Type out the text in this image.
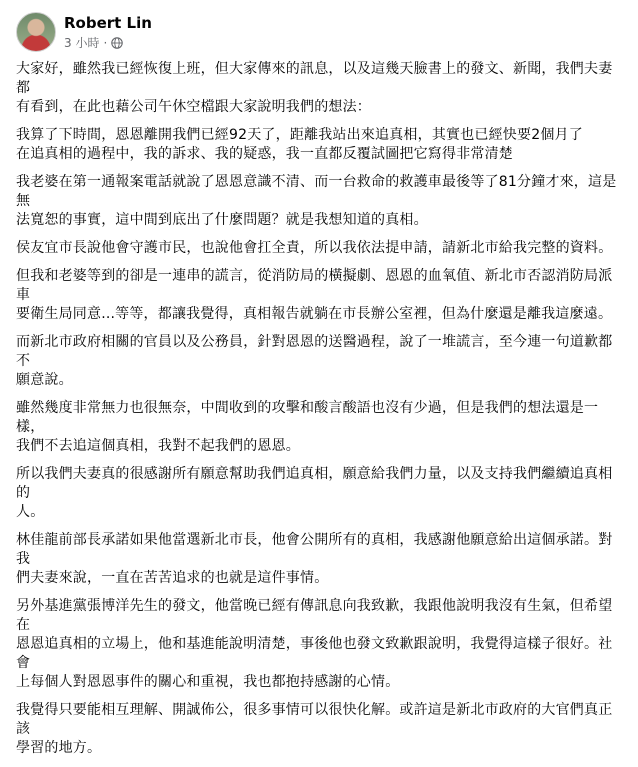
Robert Lin
3 小時 ·

大家好，雖然我已經恢復上班，但大家傳來的訊息，以及這幾天臉書上的發文、新聞，我們夫妻都
有看到，在此也藉公司午休空檔跟大家說明我們的想法：

我算了下時間，恩恩離開我們已經92天了，距離我站出來追真相，其實也已經快要2個月了
在追真相的過程中，我的訴求、我的疑惑，我一直都反覆試圖把它寫得非常清楚

我老婆在第一通報案電話就說了恩恩意識不清、而一台救命的救護車最後等了81分鐘才來，這是無
法寬恕的事實，這中間到底出了什麼問題？就是我想知道的真相。

侯友宜市長說他會守護市民，也說他會扛全責，所以我依法提申請，請新北市給我完整的資料。

但我和老婆等到的卻是一連串的謊言，從消防局的橫擬劇、恩恩的血氧值、新北市否認消防局派車
要衛生局同意...等等，都讓我覺得，真相報告就躺在市長辦公室裡，但為什麼還是離我這麼遠。

而新北市政府相關的官員以及公務員，針對恩恩的送醫過程，說了一堆謊言，至今連一句道歉都不
願意說。

雖然幾度非常無力也很無奈，中間收到的攻擊和酸言酸語也沒有少過，但是我們的想法還是一樣，
我們不去追這個真相，我對不起我們的恩恩。

所以我們夫妻真的很感謝所有願意幫助我們追真相，願意給我們力量，以及支持我們繼續追真相的
人。

林佳龍前部長承諾如果他當選新北市長，他會公開所有的真相，我感謝他願意給出這個承諾。對我
們夫妻來說，一直在苦苦追求的也就是這件事情。

另外基進黨張博洋先生的發文，他當晚已經有傳訊息向我致歉，我跟他說明我沒有生氣，但希望在
恩恩追真相的立場上，他和基進能說明清楚，事後他也發文致歉跟說明，我覺得這樣子很好。社會
上每個人對恩恩事件的關心和重視，我也都抱持感謝的心情。

我覺得只要能相互理解、開誠佈公，很多事情可以很快化解。或許這是新北市政府的大官們真正該
學習的地方。
